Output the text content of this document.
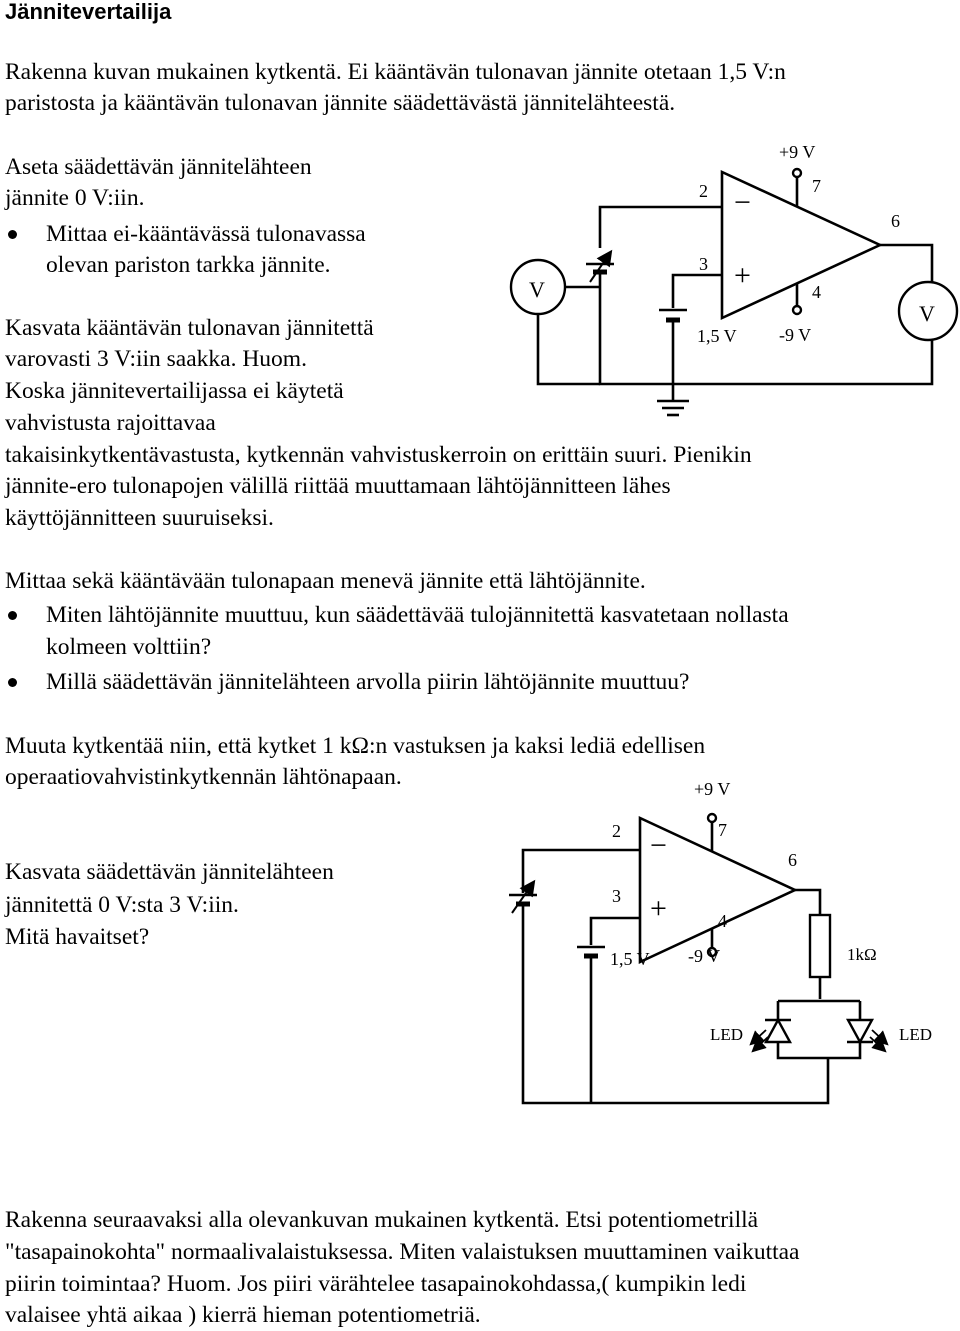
Jännitevertailija
Rakenna kuvan mukainen kytkentä. Ei kääntävän tulonavan jännite otetaan 1,5 V:n
paristosta ja kääntävän tulonavan jännite säädettävästä jännitelähteestä.
Aseta säädettävän jännitelähteen
jännite 0 V:iin.
Mittaa ei-kääntävässä tulonavassa
olevan pariston tarkka jännite.
Kasvata kääntävän tulonavan jännitettä
varovasti 3 V:iin saakka. Huom.
Koska jännitevertailijassa ei käytetä
vahvistusta rajoittavaa
takaisinkytkentävastusta, kytkennän vahvistuskerroin on erittäin suuri. Pienikin
jännite-ero tulonapojen välillä riittää muuttamaan lähtöjännitteen lähes
käyttöjännitteen suuruiseksi.
Mittaa sekä kääntävään tulonapaan menevä jännite että lähtöjännite.
Miten lähtöjännite muuttuu, kun säädettävää tulojännitettä kasvatetaan nollasta
kolmeen volttiin?
Millä säädettävän jännitelähteen arvolla piirin lähtöjännite muuttuu?
Muuta kytkentää niin, että kytket 1 kΩ:n vastuksen ja kaksi lediä edellisen
operaatiovahvistinkytkennän lähtönapaan.
Kasvata säädettävän jännitelähteen
jännitettä 0 V:sta 3 V:iin.
Mitä havaitset?
Rakenna seuraavaksi alla olevankuvan mukainen kytkentä. Etsi potentiometrillä
"tasapainokohta" normaalivalaistuksessa. Miten valaistuksen muuttaminen vaikuttaa
piirin toimintaa? Huom. Jos piiri värähtelee tasapainokohdassa,( kumpikin ledi
valaisee yhtä aikaa ) kierrä hieman potentiometriä.
−
+
+9 V
7
4
-9 V
2
3
6
1,5 V
V
V
−
+
+9 V
7
4
-9 V
2
3
6
1,5 V	1kΩ
LED	LED
